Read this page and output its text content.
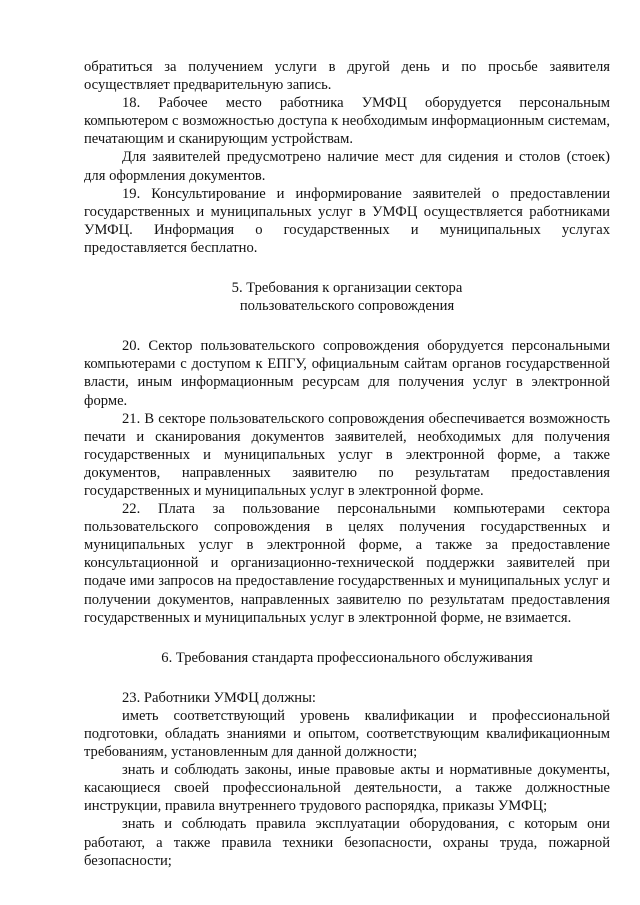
обратиться за получением услуги в другой день и по просьбе заявителя осуществляет предварительную запись.

18. Рабочее место работника УМФЦ оборудуется персональным компьютером с возможностью доступа к необходимым информационным системам, печатающим и сканирующим устройствам.

Для заявителей предусмотрено наличие мест для сидения и столов (стоек) для оформления документов.

19. Консультирование и информирование заявителей о предоставлении государственных и муниципальных услуг в УМФЦ осуществляется работниками УМФЦ. Информация о государственных и муниципальных услугах предоставляется бесплатно.

5. Требования к организации сектора

пользовательского сопровождения

20. Сектор пользовательского сопровождения оборудуется персональными компьютерами с доступом к ЕПГУ, официальным сайтам органов государственной власти, иным информационным ресурсам для получения услуг в электронной форме.

21. В секторе пользовательского сопровождения обеспечивается возможность печати и сканирования документов заявителей, необходимых для получения государственных и муниципальных услуг в электронной форме, а также документов, направленных заявителю по результатам предоставления государственных и муниципальных услуг в электронной форме.

22. Плата за пользование персональными компьютерами сектора пользовательского сопровождения в целях получения государственных и муниципальных услуг в электронной форме, а также за предоставление консультационной и организационно-технической поддержки заявителей при подаче ими запросов на предоставление государственных и муниципальных услуг и получении документов, направленных заявителю по результатам предоставления государственных и муниципальных услуг в электронной форме, не взимается.

6. Требования стандарта профессионального обслуживания

23. Работники УМФЦ должны:

иметь соответствующий уровень квалификации и профессиональной подготовки, обладать знаниями и опытом, соответствующим квалификационным требованиям, установленным для данной должности;

знать и соблюдать законы, иные правовые акты и нормативные документы, касающиеся своей профессиональной деятельности, а также должностные инструкции, правила внутреннего трудового распорядка, приказы УМФЦ;

знать и соблюдать правила эксплуатации оборудования, с которым они работают, а также правила техники безопасности, охраны труда, пожарной безопасности;
